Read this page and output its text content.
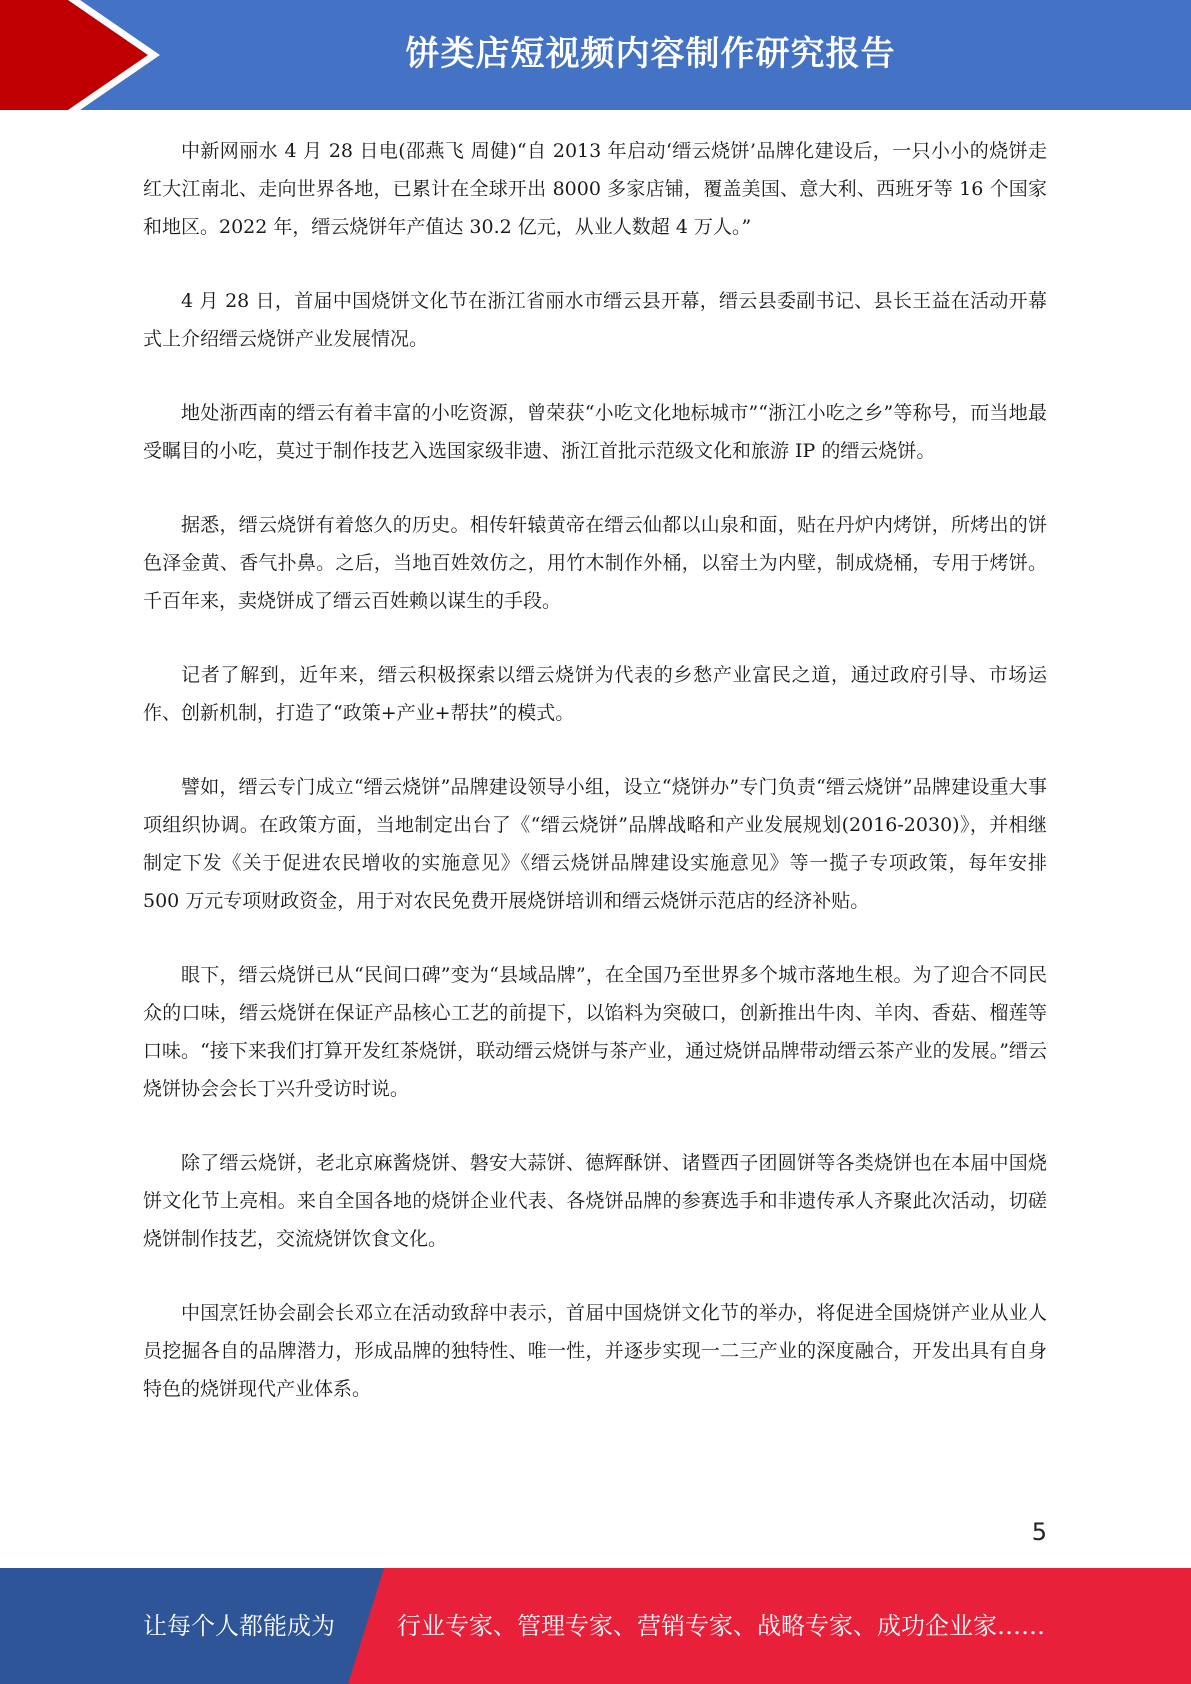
饼类店短视频内容制作研究报告

中新网丽水 4 月 28 日电(邵燕飞 周健)“自 2013 年启动‘缙云烧饼’品牌化建设后，一只小小的烧饼走红大江南北、走向世界各地，已累计在全球开出 8000 多家店铺，覆盖美国、意大利、西班牙等 16 个国家和地区。2022 年，缙云烧饼年产值达 30.2 亿元，从业人数超 4 万人。”

4 月 28 日，首届中国烧饼文化节在浙江省丽水市缙云县开幕，缙云县委副书记、县长王益在活动开幕式上介绍缙云烧饼产业发展情况。

地处浙西南的缙云有着丰富的小吃资源，曾荣获“小吃文化地标城市”“浙江小吃之乡”等称号，而当地最受瞩目的小吃，莫过于制作技艺入选国家级非遗、浙江首批示范级文化和旅游 IP 的缙云烧饼。

据悉，缙云烧饼有着悠久的历史。相传轩辕黄帝在缙云仙都以山泉和面，贴在丹炉内烤饼，所烤出的饼色泽金黄、香气扑鼻。之后，当地百姓效仿之，用竹木制作外桶，以窑土为内壁，制成烧桶，专用于烤饼。千百年来，卖烧饼成了缙云百姓赖以谋生的手段。

记者了解到，近年来，缙云积极探索以缙云烧饼为代表的乡愁产业富民之道，通过政府引导、市场运作、创新机制，打造了“政策+产业+帮扶”的模式。

譬如，缙云专门成立“缙云烧饼”品牌建设领导小组，设立“烧饼办”专门负责“缙云烧饼”品牌建设重大事项组织协调。在政策方面，当地制定出台了《“缙云烧饼”品牌战略和产业发展规划(2016-2030)》，并相继制定下发《关于促进农民增收的实施意见》《缙云烧饼品牌建设实施意见》等一揽子专项政策，每年安排 500 万元专项财政资金，用于对农民免费开展烧饼培训和缙云烧饼示范店的经济补贴。

眼下，缙云烧饼已从“民间口碑”变为“县域品牌”，在全国乃至世界多个城市落地生根。为了迎合不同民众的口味，缙云烧饼在保证产品核心工艺的前提下，以馅料为突破口，创新推出牛肉、羊肉、香菇、榴莲等口味。“接下来我们打算开发红茶烧饼，联动缙云烧饼与茶产业，通过烧饼品牌带动缙云茶产业的发展。”缙云烧饼协会会长丁兴升受访时说。

除了缙云烧饼，老北京麻酱烧饼、磐安大蒜饼、德辉酥饼、诸暨西子团圆饼等各类烧饼也在本届中国烧饼文化节上亮相。来自全国各地的烧饼企业代表、各烧饼品牌的参赛选手和非遗传承人齐聚此次活动，切磋烧饼制作技艺，交流烧饼饮食文化。

中国烹饪协会副会长邓立在活动致辞中表示，首届中国烧饼文化节的举办，将促进全国烧饼产业从业人员挖掘各自的品牌潜力，形成品牌的独特性、唯一性，并逐步实现一二三产业的深度融合，开发出具有自身特色的烧饼现代产业体系。

5
让每个人都能成为	行业专家、管理专家、营销专家、战略专家、成功企业家……
